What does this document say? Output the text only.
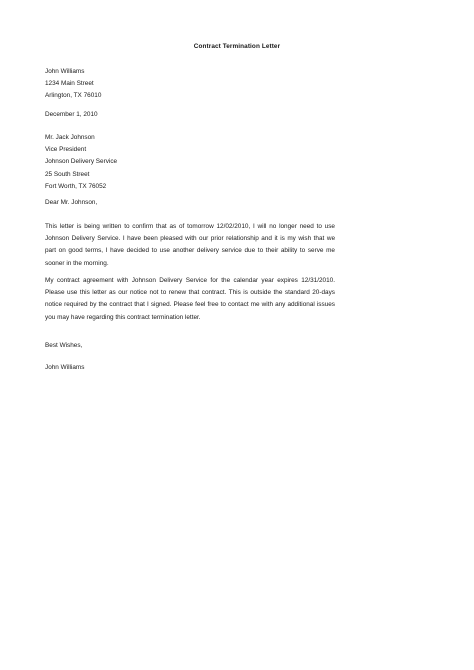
Contract Termination Letter
John Williams
1234 Main Street
Arlington, TX 76010
December 1, 2010
Mr. Jack Johnson
Vice President
Johnson Delivery Service
25 South Street
Fort Worth, TX 76052
Dear Mr. Johnson,
This letter is being written to confirm that as of tomorrow 12/02/2010, I will no longer need to use
Johnson Delivery Service. I have been pleased with our prior relationship and it is my wish that we
part on good terms, I have decided to use another delivery service due to their ability to serve me
sooner in the morning.
My contract agreement with Johnson Delivery Service for the calendar year expires 12/31/2010.
Please use this letter as our notice not to renew that contract. This is outside the standard 20-days
notice required by the contract that I signed. Please feel free to contact me with any additional issues
you may have regarding this contract termination letter.
Best Wishes,
John Williams
